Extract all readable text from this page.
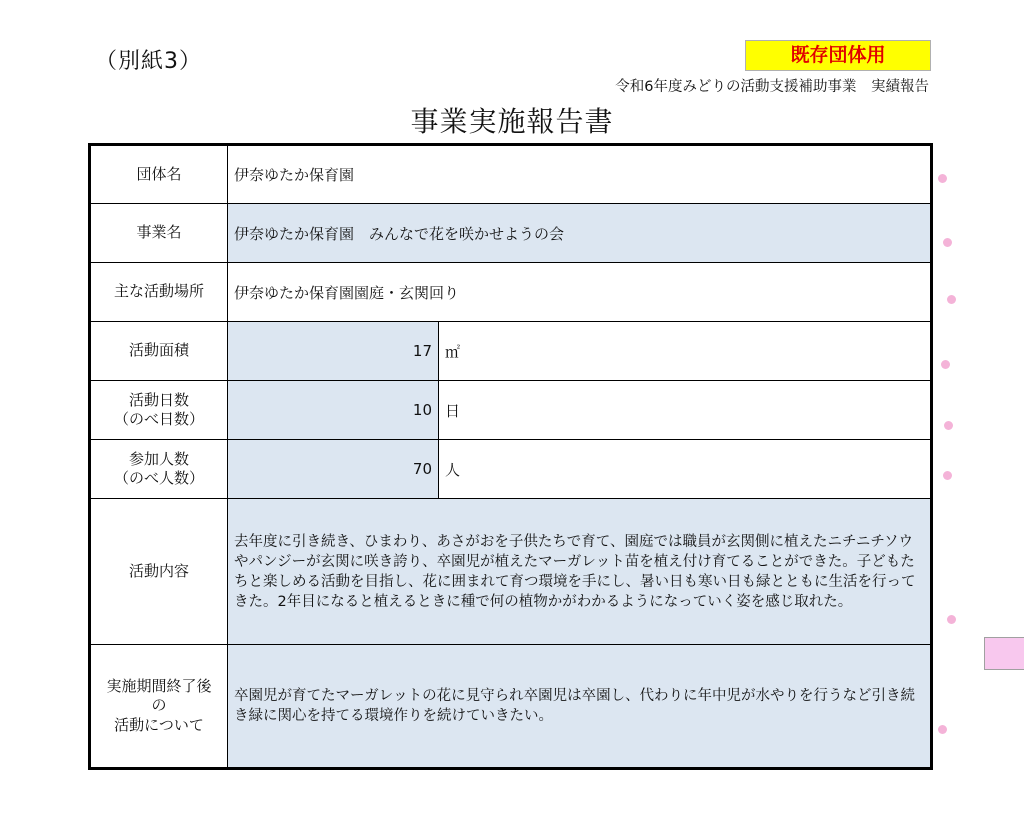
（別紙3）	既存団体用
令和6年度みどりの活動支援補助事業　実績報告
事業実施報告書
団体名	伊奈ゆたか保育園	
事業名	伊奈ゆたか保育園　みんなで花を咲かせようの会	
主な活動場所	伊奈ゆたか保育園園庭・玄関回り	
活動面積	17	㎡

活動日数
（のべ日数）	10	日

参加人数
（のべ人数）	70	人
活動内容	去年度に引き続き、ひまわり、あさがおを子供たちで育て、園庭では職員が玄関側に植えたニチニチソウやパンジーが玄関に咲き誇り、卒園児が植えたマーガレット苗を植え付け育てることができた。子どもたちと楽しめる活動を目指し、花に囲まれて育つ環境を手にし、暑い日も寒い日も緑とともに生活を行ってきた。2年目になると植えるときに種で何の植物かがわかるようになっていく姿を感じ取れた。	

実施期間終了後
の
活動について	卒園児が育てたマーガレットの花に見守られ卒園児は卒園し、代わりに年中児が水やりを行うなど引き続き緑に関心を持てる環境作りを続けていきたい。	
